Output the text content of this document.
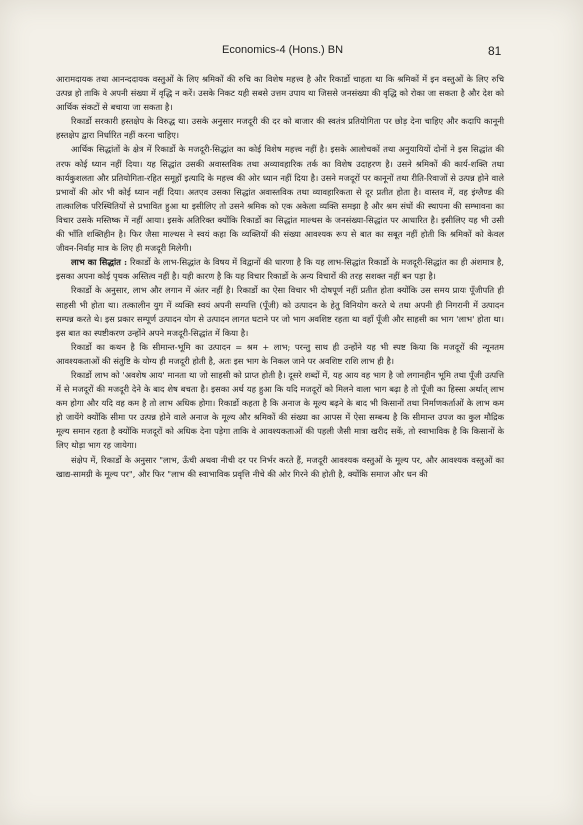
Economics-4 (Hons.) BN	81

आरामदायक तथा आनन्ददायक वस्तुओं के लिए श्रमिकों की रुचि का विशेष महत्त्व है और रिकार्डो चाहता था कि श्रमिकों में इन वस्तुओं के लिए रुचि उत्पन्न हो ताकि वे अपनी संख्या में वृद्धि न करें। उसके निकट यही सबसे उत्तम उपाय था जिससे जनसंख्या की वृद्धि को रोका जा सकता है और देश को आर्थिक संकटों से बचाया जा सकता है।

रिकार्डो सरकारी हस्तक्षेप के विरुद्ध था। उसके अनुसार मजदूरी की दर को बाजार की स्वतंत्र प्रतियोगिता पर छोड़ देना चाहिए और कदापि कानूनी हस्तक्षेप द्वारा निर्धारित नहीं करना चाहिए।

आर्थिक सिद्धांतों के क्षेत्र में रिकार्डो के मजदूरी-सिद्धांत का कोई विशेष महत्त्व नहीं है। इसके आलोचकों तथा अनुयायियों दोनों ने इस सिद्धांत की तरफ कोई ध्यान नहीं दिया। यह सिद्धांत उसकी अवास्तविक तथा अव्यावहारिक तर्क का विशेष उदाहरण है। उसने श्रमिकों की कार्य-शक्ति तथा कार्यकुशलता और प्रतियोगिता-रहित समूहों इत्यादि के महत्त्व की ओर ध्यान नहीं दिया है। उसने मजदूरों पर कानूनों तथा रीति-रिवाजों से उत्पन्न होने वाले प्रभावों की ओर भी कोई ध्यान नहीं दिया। अतएव उसका सिद्धांत अवास्तविक तथा व्यावहारिकता से दूर प्रतीत होता है। वास्तव में, वह इंग्लैण्ड की तात्कालिक परिस्थितियों से प्रभावित हुआ था इसीलिए तो उसने श्रमिक को एक अकेला व्यक्ति समझा है और श्रम संघों की स्थापना की सम्भावना का विचार उसके मस्तिष्क में नहीं आया। इसके अतिरिक्त क्योंकि रिकार्डो का सिद्धांत माल्थस के जनसंख्या-सिद्धांत पर आधारित है। इसीलिए यह भी उसी की भाँति शक्तिहीन है। फिर जैसा माल्थस ने स्वयं कहा कि व्यक्तियों की संख्या आवश्यक रूप से बात का सबूत नहीं होती कि श्रमिकों को केवल जीवन-निर्वाह मात्र के लिए ही मजदूरी मिलेगी।

लाभ का सिद्धांत : रिकार्डो के लाभ-सिद्धांत के विषय में विद्वानों की धारणा है कि यह लाभ-सिद्धांत रिकार्डो के मजदूरी-सिद्धांत का ही अंशमात्र है, इसका अपना कोई पृथक अस्तित्व नहीं है। यही कारण है कि यह विचार रिकार्डो के अन्य विचारों की तरह सशक्त नहीं बन पड़ा है।

रिकार्डो के अनुसार, लाभ और लगान में अंतर नहीं है। रिकार्डो का ऐसा विचार भी दोषपूर्ण नहीं प्रतीत होता क्योंकि उस समय प्रायः पूँजीपति ही साहसी भी होता था। तत्कालीन युग में व्यक्ति स्वयं अपनी सम्पत्ति (पूँजी) को उत्पादन के हेतु विनियोग करते थे तथा अपनी ही निगरानी में उत्पादन सम्पन्न करते थे। इस प्रकार सम्पूर्ण उत्पादन योग से उत्पादन लागत घटाने पर जो भाग अवशिष्ट रहता था वहाँ पूँजी और साहसी का भाग 'लाभ' होता था। इस बात का स्पष्टीकरण उन्होंने अपने मजदूरी-सिद्धांत में किया है।

रिकार्डो का कथन है कि सीमान्त-भूमि का उत्पादन = श्रम + लाभ; परन्तु साथ ही उन्होंने यह भी स्पष्ट किया कि मजदूरों की न्यूनतम आवश्यकताओं की संतुष्टि के योग्य ही मजदूरी होती है, अतः इस भाग के निकल जाने पर अवशिष्ट राशि लाभ ही है।

रिकार्डो लाभ को 'अवशेष आय' मानता था जो साहसी को प्राप्त होती है। दूसरे शब्दों में, यह आय वह भाग है जो लगानहीन भूमि तथा पूँजी उत्पत्ति में से मजदूरों की मजदूरी देने के बाद शेष बचता है। इसका अर्थ यह हुआ कि यदि मजदूरों को मिलने वाला भाग बढ़ा है तो पूँजी का हिस्सा अर्थात् लाभ कम होगा और यदि वह कम है तो लाभ अधिक होगा। रिकार्डो कहता है कि अनाज के मूल्य बढ़ने के बाद भी किसानों तथा निर्माणकर्ताओं के लाभ कम हो जायेंगे क्योंकि सीमा पर उत्पन्न होने वाले अनाज के मूल्य और श्रमिकों की संख्या का आपस में ऐसा सम्बन्ध है कि सीमान्त उपज का कुल मौद्रिक मूल्य समान रहता है क्योंकि मजदूरों को अधिक देना पड़ेगा ताकि वे आवश्यकताओं की पहली जैसी मात्रा खरीद सकें, तो स्वाभाविक है कि किसानों के लिए थोड़ा भाग रह जायेगा।

संक्षेप में, रिकार्डो के अनुसार "लाभ, ऊँची अथवा नीची दर पर निर्भर करते हैं, मजदूरी आवश्यक वस्तुओं के मूल्य पर, और आवश्यक वस्तुओं का खाद्य-सामग्री के मूल्य पर", और फिर "लाभ की स्वाभाविक प्रवृत्ति नीचे की ओर गिरने की होती है, क्योंकि समाज और धन की
